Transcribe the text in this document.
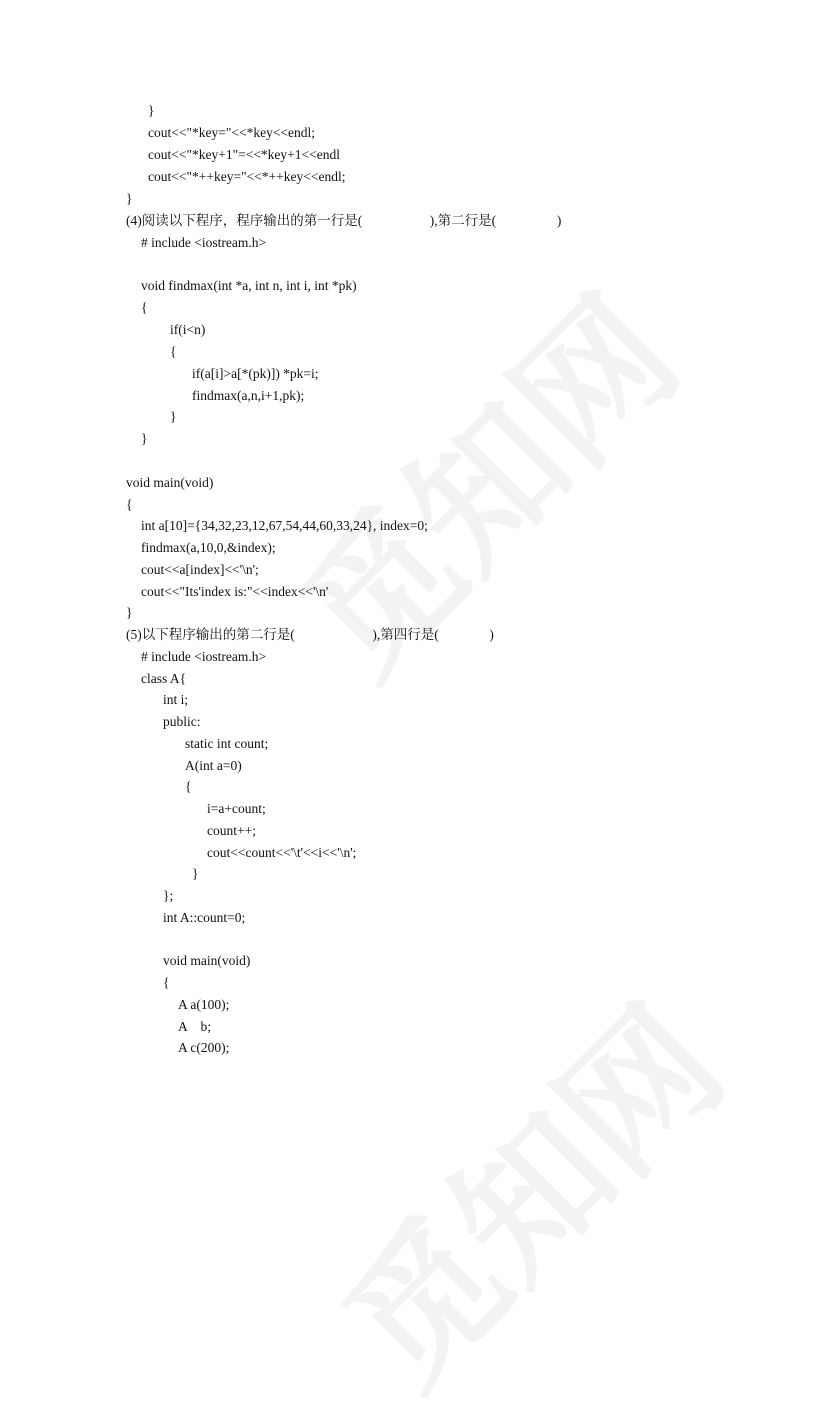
}
cout<<"*key="<<*key<<endl;
cout<<"*key+1"=<<*key+1<<endl
cout<<"*++key="<<*++key<<endl;
}
(4)阅读以下程序，程序输出的第一行是(                    ),第二行是(                  )
# include <iostream.h>
void findmax(int *a, int n, int i, int *pk)
{
if(i<n)
{
if(a[i]>a[*(pk)]) *pk=i;
findmax(a,n,i+1,pk);
}
}
void main(void)
{
int a[10]={34,32,23,12,67,54,44,60,33,24}, index=0;
findmax(a,10,0,&index);
cout<<a[index]<<'\n';
cout<<"Its'index is:"<<index<<'\n'
}
(5)以下程序输出的第二行是(                       ),第四行是(               )
# include <iostream.h>
class A{
int i;
public:
static int count;
A(int a=0)
{
i=a+count;
count++;
cout<<count<<'\t'<<i<<'\n';
}
};
int A::count=0;
void main(void)
{
A a(100);
A    b;
A c(200);
